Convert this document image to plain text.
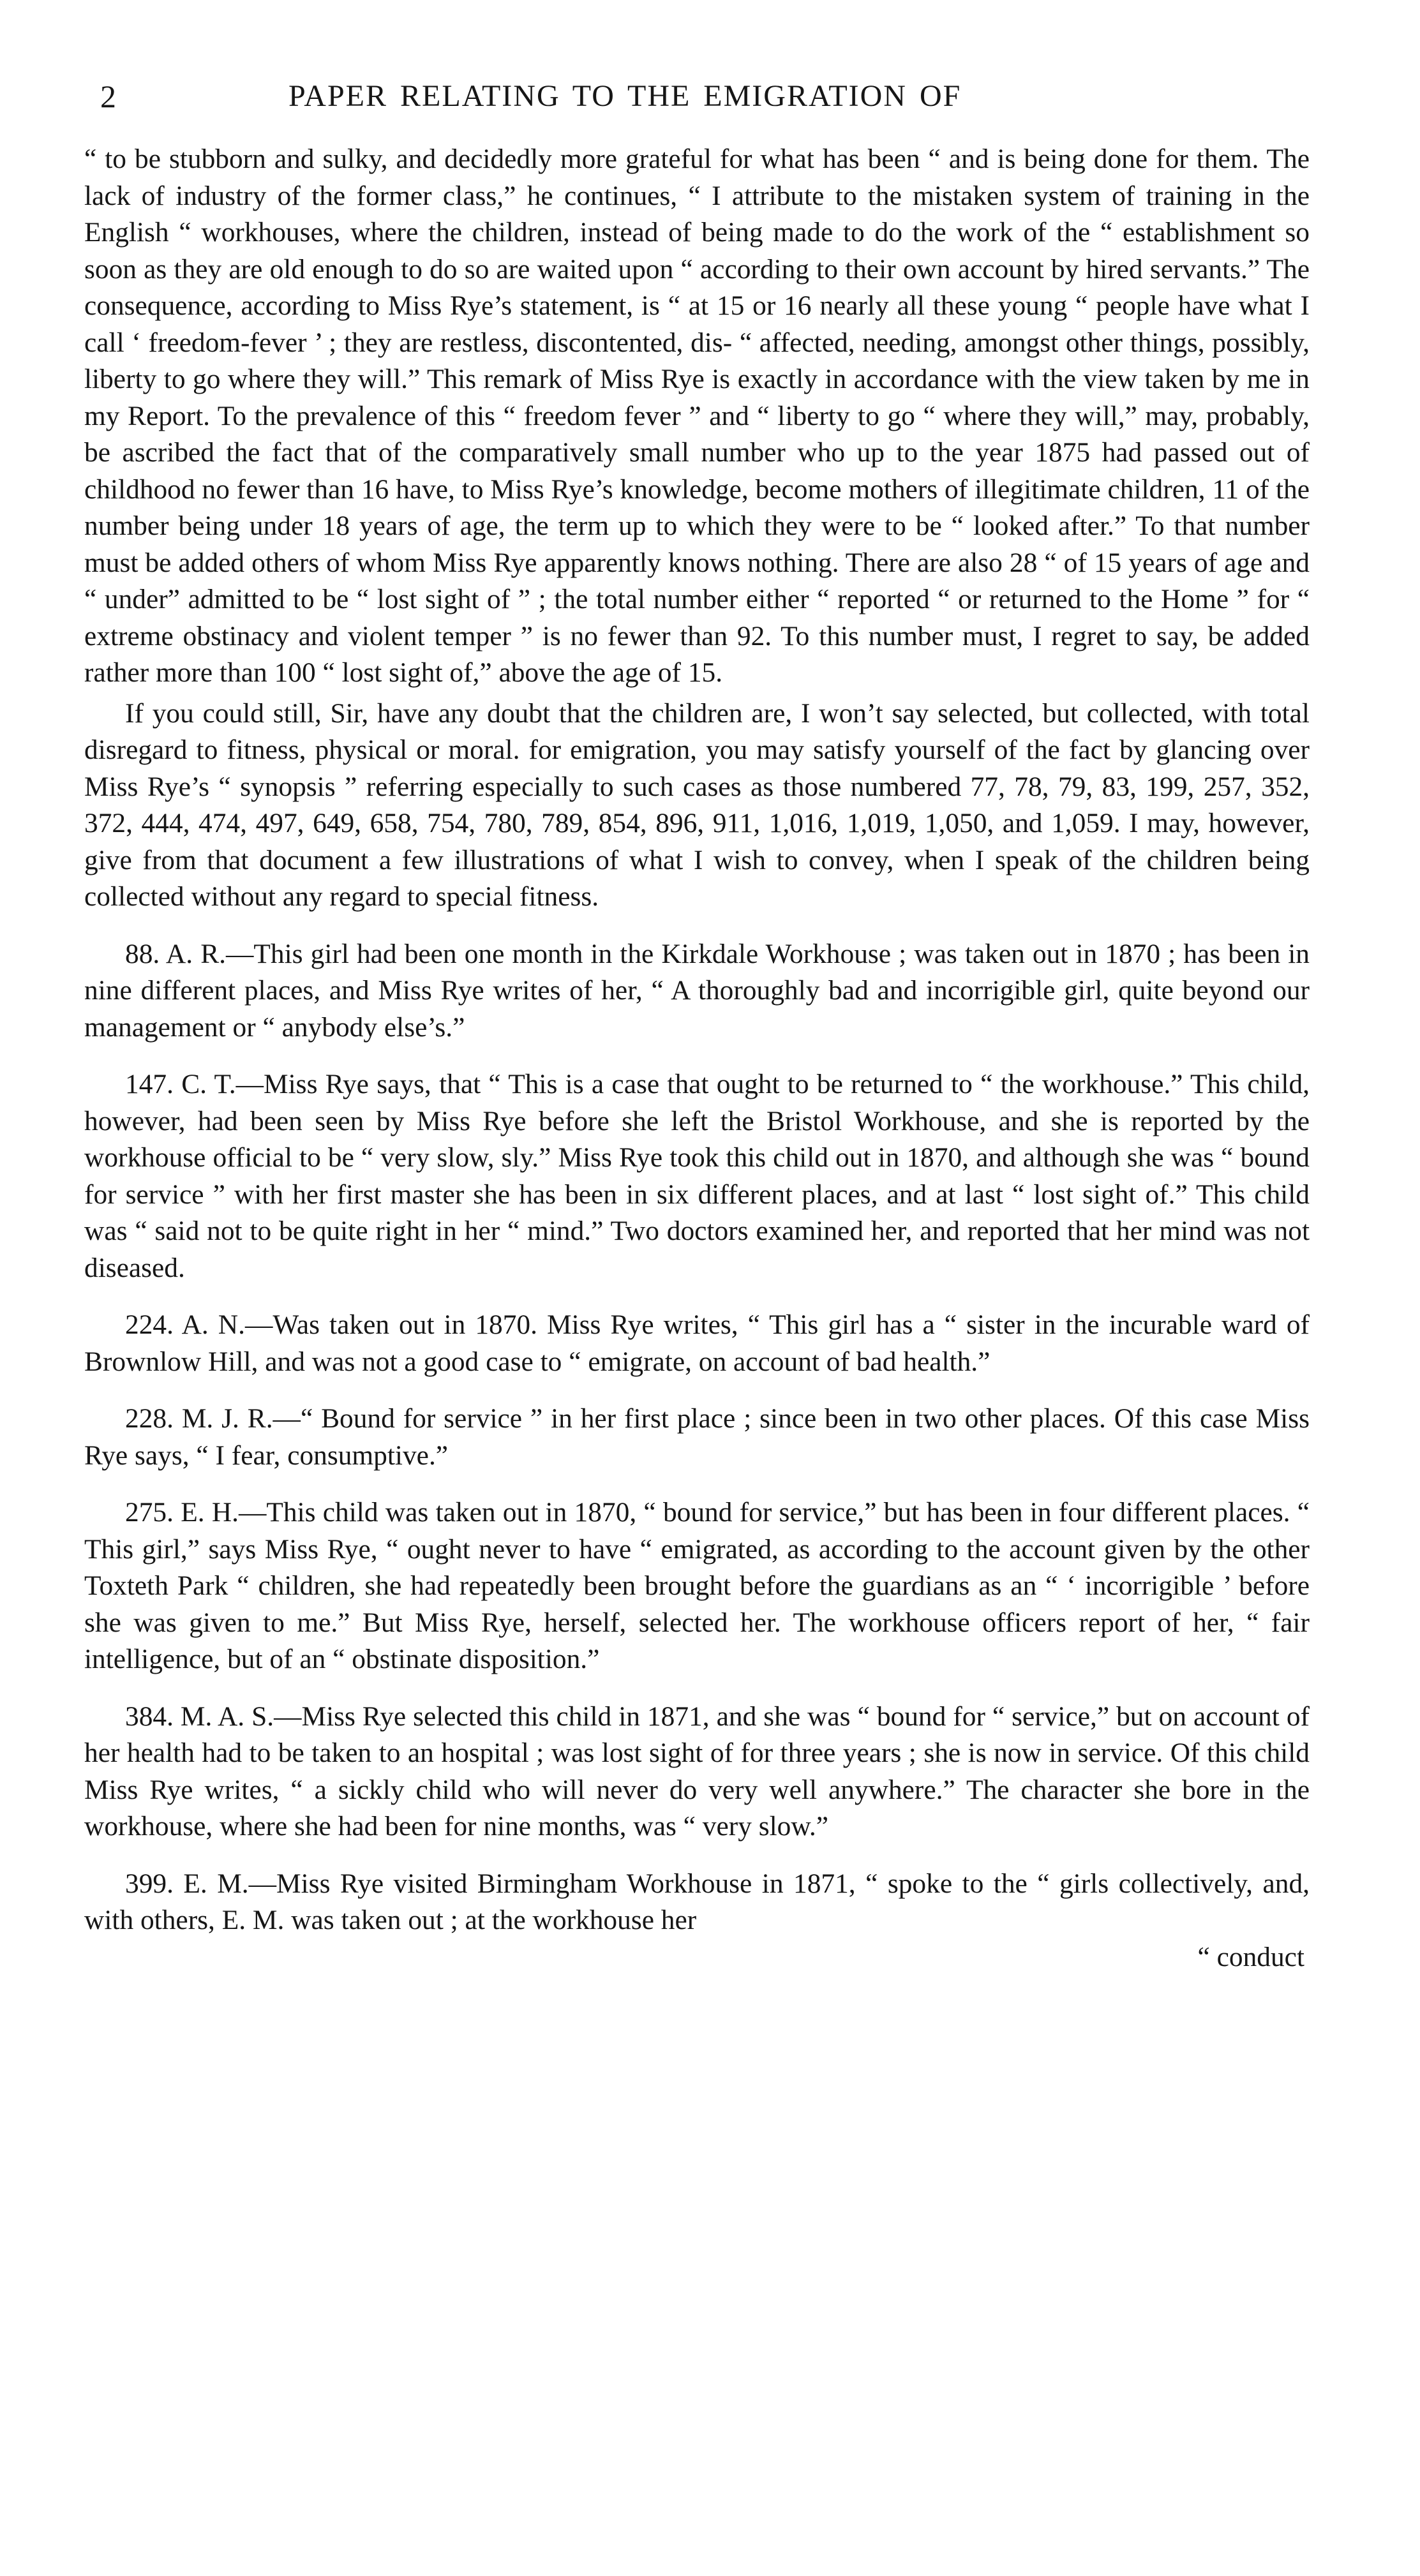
2	PAPER RELATING TO THE EMIGRATION OF

“ to be stubborn and sulky, and decidedly more grateful for what has been “ and is being done for them. The lack of industry of the former class,” he continues, “ I attribute to the mistaken system of training in the English “ workhouses, where the children, instead of being made to do the work of the “ establishment so soon as they are old enough to do so are waited upon “ according to their own account by hired servants.” The consequence, according to Miss Rye’s statement, is “ at 15 or 16 nearly all these young “ people have what I call ‘ freedom-fever ’ ; they are restless, discontented, dis- “ affected, needing, amongst other things, possibly, liberty to go where they will.” This remark of Miss Rye is exactly in accordance with the view taken by me in my Report. To the prevalence of this “ freedom fever ” and “ liberty to go “ where they will,” may, probably, be ascribed the fact that of the comparatively small number who up to the year 1875 had passed out of childhood no fewer than 16 have, to Miss Rye’s knowledge, become mothers of illegitimate children, 11 of the number being under 18 years of age, the term up to which they were to be “ looked after.” To that number must be added others of whom Miss Rye apparently knows nothing. There are also 28 “ of 15 years of age and “ under” admitted to be “ lost sight of ” ; the total number either “ reported “ or returned to the Home ” for “ extreme obstinacy and violent temper ” is no fewer than 92. To this number must, I regret to say, be added rather more than 100 “ lost sight of,” above the age of 15.

If you could still, Sir, have any doubt that the children are, I won’t say selected, but collected, with total disregard to fitness, physical or moral. for emigration, you may satisfy yourself of the fact by glancing over Miss Rye’s “ synopsis ” referring especially to such cases as those numbered 77, 78, 79, 83, 199, 257, 352, 372, 444, 474, 497, 649, 658, 754, 780, 789, 854, 896, 911, 1,016, 1,019, 1,050, and 1,059. I may, however, give from that document a few illustrations of what I wish to convey, when I speak of the children being collected without any regard to special fitness.

88. A. R.—This girl had been one month in the Kirkdale Workhouse ; was taken out in 1870 ; has been in nine different places, and Miss Rye writes of her, “ A thoroughly bad and incorrigible girl, quite beyond our management or “ anybody else’s.”

147. C. T.—Miss Rye says, that “ This is a case that ought to be returned to “ the workhouse.” This child, however, had been seen by Miss Rye before she left the Bristol Workhouse, and she is reported by the workhouse official to be “ very slow, sly.” Miss Rye took this child out in 1870, and although she was “ bound for service ” with her first master she has been in six different places, and at last “ lost sight of.” This child was “ said not to be quite right in her “ mind.” Two doctors examined her, and reported that her mind was not diseased.

224. A. N.—Was taken out in 1870. Miss Rye writes, “ This girl has a “ sister in the incurable ward of Brownlow Hill, and was not a good case to “ emigrate, on account of bad health.”

228. M. J. R.—“ Bound for service ” in her first place ; since been in two other places. Of this case Miss Rye says, “ I fear, consumptive.”

275. E. H.—This child was taken out in 1870, “ bound for service,” but has been in four different places. “ This girl,” says Miss Rye, “ ought never to have “ emigrated, as according to the account given by the other Toxteth Park “ children, she had repeatedly been brought before the guardians as an “ ‘ incorrigible ’ before she was given to me.” But Miss Rye, herself, selected her. The workhouse officers report of her, “ fair intelligence, but of an “ obstinate disposition.”

384. M. A. S.—Miss Rye selected this child in 1871, and she was “ bound for “ service,” but on account of her health had to be taken to an hospital ; was lost sight of for three years ; she is now in service. Of this child Miss Rye writes, “ a sickly child who will never do very well anywhere.” The character she bore in the workhouse, where she had been for nine months, was “ very slow.”

399. E. M.—Miss Rye visited Birmingham Workhouse in 1871, “ spoke to the “ girls collectively, and, with others, E. M. was taken out ; at the workhouse her

“ conduct
